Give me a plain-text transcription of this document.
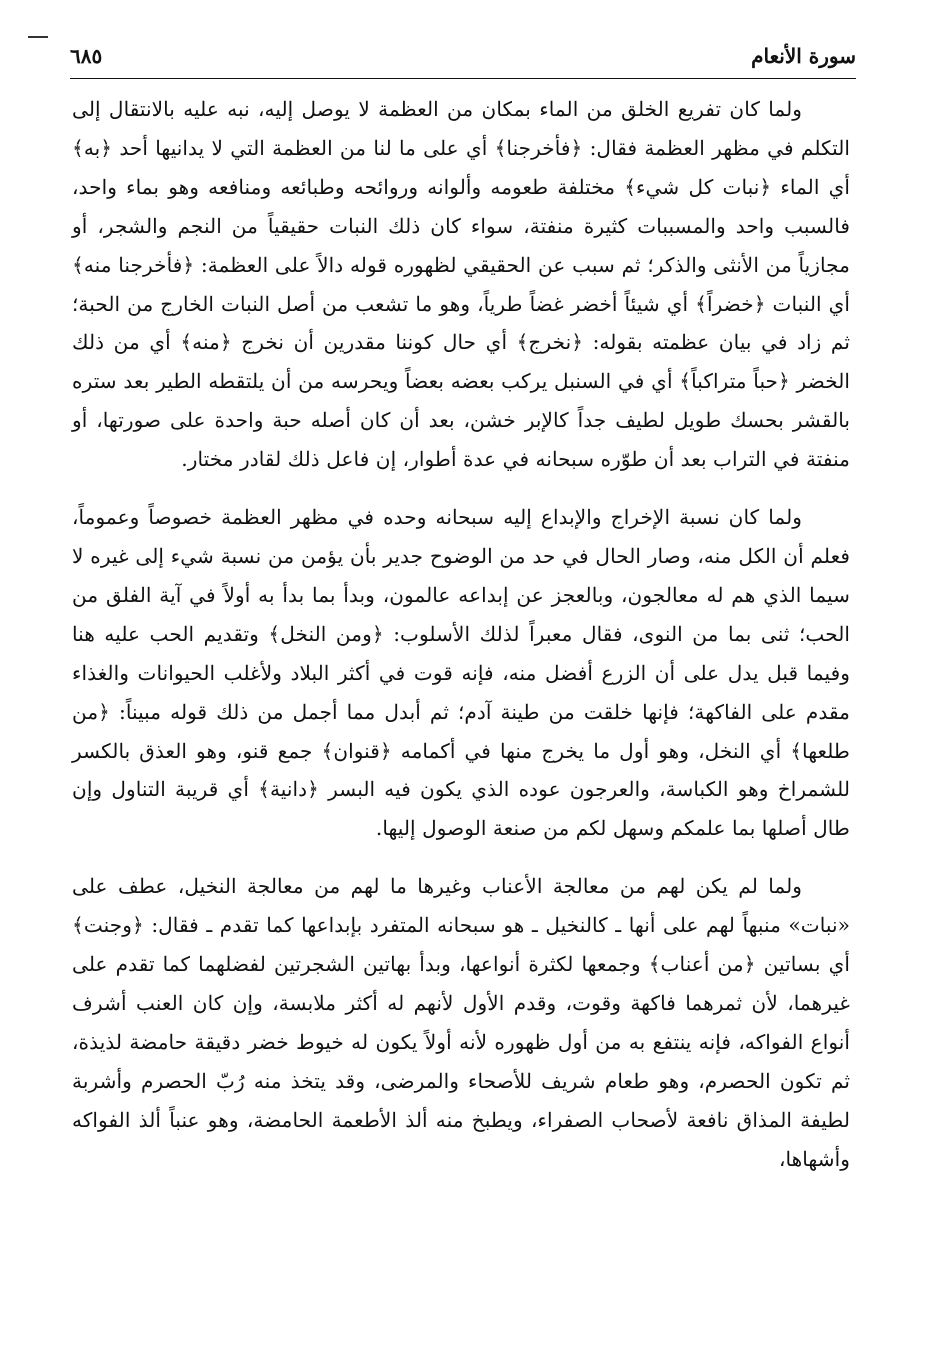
سورة الأنعام
٦٨٥

ولما كان تفريع الخلق من الماء بمكان من العظمة لا يوصل إليه، نبه عليه بالانتقال إلى التكلم في مظهر العظمة فقال: ﴿فأخرجنا﴾ أي على ما لنا من العظمة التي لا يدانيها أحد ﴿به﴾ أي الماء ﴿نبات كل شيء﴾ مختلفة طعومه وألوانه وروائحه وطبائعه ومنافعه وهو بماء واحد، فالسبب واحد والمسببات كثيرة منفتة، سواء كان ذلك النبات حقيقياً من النجم والشجر، أو مجازياً من الأنثى والذكر؛ ثم سبب عن الحقيقي لظهوره قوله دالاً على العظمة: ﴿فأخرجنا منه﴾ أي النبات ﴿خضراً﴾ أي شيئاً أخضر غضاً طرياً، وهو ما تشعب من أصل النبات الخارج من الحبة؛ ثم زاد في بيان عظمته بقوله: ﴿نخرج﴾ أي حال كوننا مقدرين أن نخرج ﴿منه﴾ أي من ذلك الخضر ﴿حباً متراكباً﴾ أي في السنبل يركب بعضه بعضاً ويحرسه من أن يلتقطه الطير بعد ستره بالقشر بحسك طويل لطيف جداً كالإبر خشن، بعد أن كان أصله حبة واحدة على صورتها، أو منفتة في التراب بعد أن طوّره سبحانه في عدة أطوار، إن فاعل ذلك لقادر مختار.

ولما كان نسبة الإخراج والإبداع إليه سبحانه وحده في مظهر العظمة خصوصاً وعموماً، فعلم أن الكل منه، وصار الحال في حد من الوضوح جدير بأن يؤمن من نسبة شيء إلى غيره لا سيما الذي هم له معالجون، وبالعجز عن إبداعه عالمون، وبدأ بما بدأ به أولاً في آية الفلق من الحب؛ ثنى بما من النوى، فقال معبراً لذلك الأسلوب: ﴿ومن النخل﴾ وتقديم الحب عليه هنا وفيما قبل يدل على أن الزرع أفضل منه، فإنه قوت في أكثر البلاد ولأغلب الحيوانات والغذاء مقدم على الفاكهة؛ فإنها خلقت من طينة آدم؛ ثم أبدل مما أجمل من ذلك قوله مبيناً: ﴿من طلعها﴾ أي النخل، وهو أول ما يخرج منها في أكمامه ﴿قنوان﴾ جمع قنو، وهو العذق بالكسر للشمراخ وهو الكباسة، والعرجون عوده الذي يكون فيه البسر ﴿دانية﴾ أي قريبة التناول وإن طال أصلها بما علمكم وسهل لكم من صنعة الوصول إليها.

ولما لم يكن لهم من معالجة الأعناب وغيرها ما لهم من معالجة النخيل، عطف على «نبات» منبهاً لهم على أنها ـ كالنخيل ـ هو سبحانه المتفرد بإبداعها كما تقدم ـ فقال: ﴿وجنت﴾ أي بساتين ﴿من أعناب﴾ وجمعها لكثرة أنواعها، وبدأ بهاتين الشجرتين لفضلهما كما تقدم على غيرهما، لأن ثمرهما فاكهة وقوت، وقدم الأول لأنهم له أكثر ملابسة، وإن كان العنب أشرف أنواع الفواكه، فإنه ينتفع به من أول ظهوره لأنه أولاً يكون له خيوط خضر دقيقة حامضة لذيذة، ثم تكون الحصرم، وهو طعام شريف للأصحاء والمرضى، وقد يتخذ منه رُبّ الحصرم وأشربة لطيفة المذاق نافعة لأصحاب الصفراء، ويطبخ منه ألذ الأطعمة الحامضة، وهو عنباً ألذ الفواكه وأشهاها،
